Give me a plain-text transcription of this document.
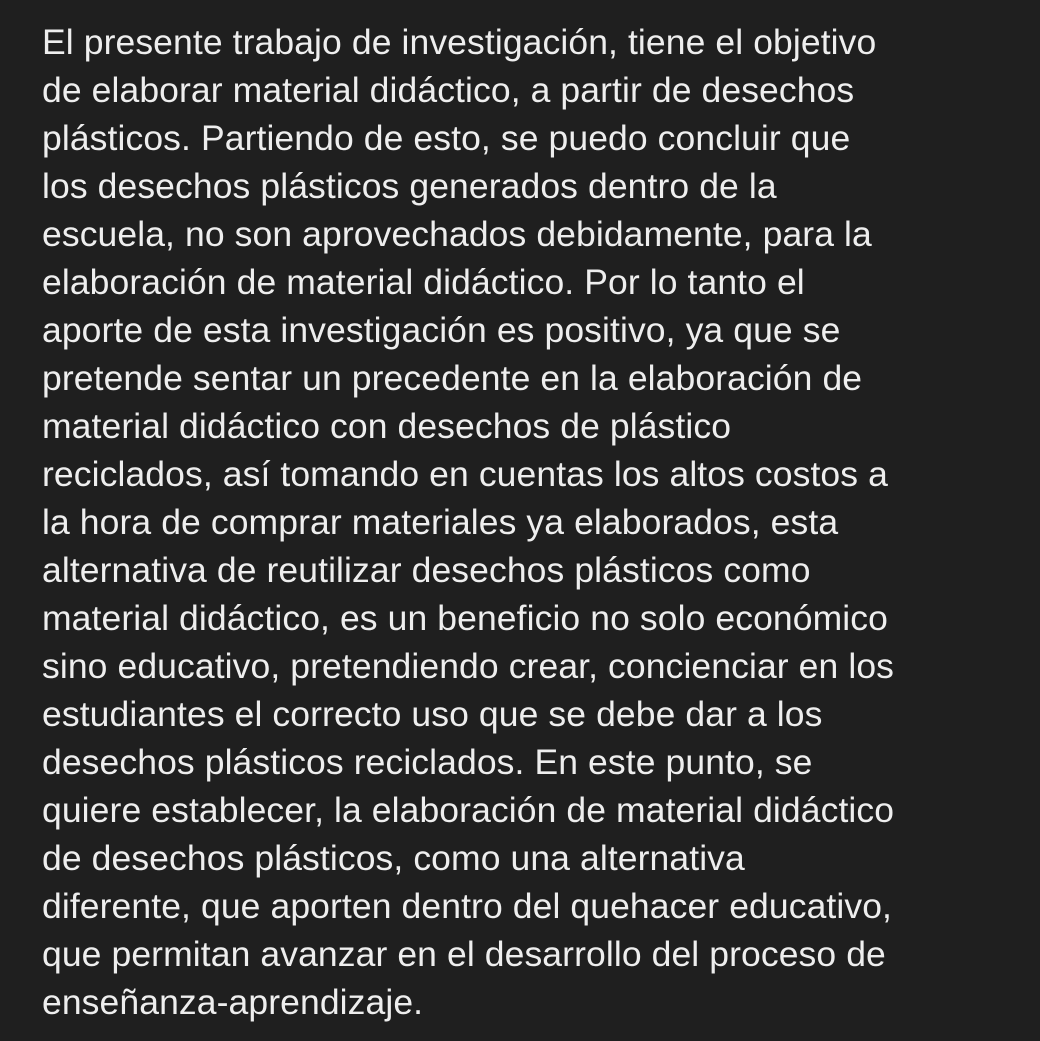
El presente trabajo de investigación, tiene el objetivo
de elaborar material didáctico, a partir de desechos
plásticos. Partiendo de esto, se puedo concluir que
los desechos plásticos generados dentro de la
escuela, no son aprovechados debidamente, para la
elaboración de material didáctico. Por lo tanto el
aporte de esta investigación es positivo, ya que se
pretende sentar un precedente en la elaboración de
material didáctico con desechos de plástico
reciclados, así tomando en cuentas los altos costos a
la hora de comprar materiales ya elaborados, esta
alternativa de reutilizar desechos plásticos como
material didáctico, es un beneficio no solo económico
sino educativo, pretendiendo crear, concienciar en los
estudiantes el correcto uso que se debe dar a los
desechos plásticos reciclados. En este punto, se
quiere establecer, la elaboración de material didáctico
de desechos plásticos, como una alternativa
diferente, que aporten dentro del quehacer educativo,
que permitan avanzar en el desarrollo del proceso de
enseñanza-aprendizaje.
